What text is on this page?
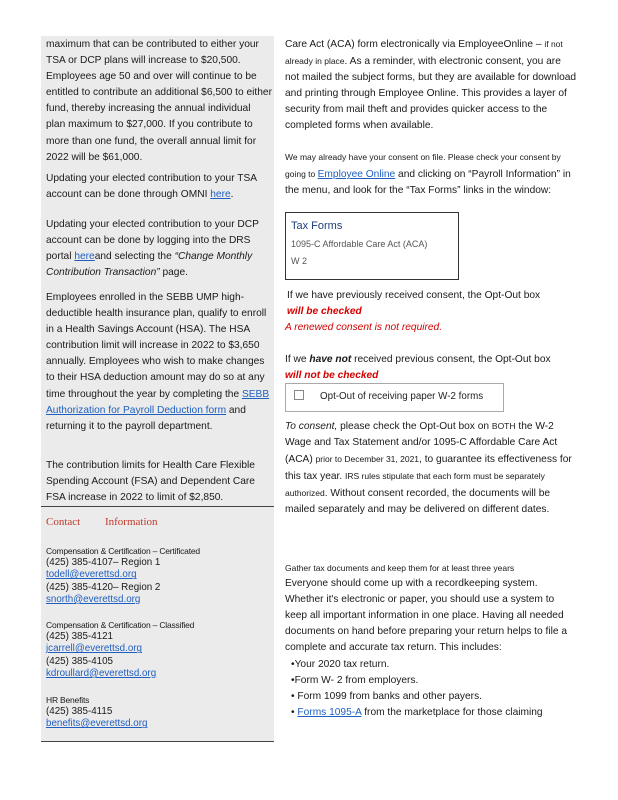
maximum that can be contributed to either your TSA or DCP plans will increase to $20,500. Employees age 50 and over will continue to be entitled to contribute an additional $6,500 to either fund, thereby increasing the annual individual plan maximum to $27,000. If you contribute to more than one fund, the overall annual limit for 2022 will be $61,000.
Updating your elected contribution to your TSA account can be done through OMNI here.
Updating your elected contribution to your DCP account can be done by logging into the DRS portal hereand selecting the “Change Monthly Contribution Transaction” page.
Employees enrolled in the SEBB UMP high-deductible health insurance plan, qualify to enroll in a Health Savings Account (HSA). The HSA contribution limit will increase in 2022 to $3,650 annually. Employees who wish to make changes to their HSA deduction amount may do so at any time throughout the year by completing the SEBB Authorization for Payroll Deduction form and returning it to the payroll department.
The contribution limits for Health Care Flexible Spending Account (FSA) and Dependent Care FSA increase in 2022 to limit of $2,850.
Contact Information
Compensation & Certification – Certificated
(425) 385-4107– Region 1
todell@everettsd.org
(425) 385-4120– Region 2
snorth@everettsd.org
Compensation & Certification – Classified
(425) 385-4121
jcarrell@everettsd.org
(425) 385-4105
kdroullard@everettsd.org
HR Benefits
(425) 385-4115
benefits@everettsd.org
Care Act (ACA) form electronically via EmployeeOnline – if not already in place. As a reminder, with electronic consent, you are not mailed the subject forms, but they are available for download and printing through Employee Online. This provides a layer of security from mail theft and provides quicker access to the completed forms when available.
We may already have your consent on file. Please check your consent by going to Employee Online and clicking on “Payroll Information” in the menu, and look for the “Tax Forms” links in the window:
Tax Forms
1095-C Affordable Care Act (ACA)
W 2
If we have previously received consent, the Opt-Out box
will be checked
A renewed consent is not required.
If we have not received previous consent, the Opt-Out box
will not be checked
Opt-Out of receiving paper W-2 forms
To consent, please check the Opt-Out box on BOTH the W-2 Wage and Tax Statement and/or 1095-C Affordable Care Act (ACA) prior to December 31, 2021, to guarantee its effectiveness for this tax year. IRS rules stipulate that each form must be separately authorized. Without consent recorded, the documents will be mailed separately and may be delivered on different dates.
Gather tax documents and keep them for at least three years
Everyone should come up with a recordkeeping system. Whether it's electronic or paper, you should use a system to keep all important information in one place. Having all needed documents on hand before preparing your return helps to file a complete and accurate tax return. This includes:
•Your 2020 tax return.
•Form W- 2 from employers.
• Form 1099 from banks and other payers.
• Forms 1095-A from the marketplace for those claiming
